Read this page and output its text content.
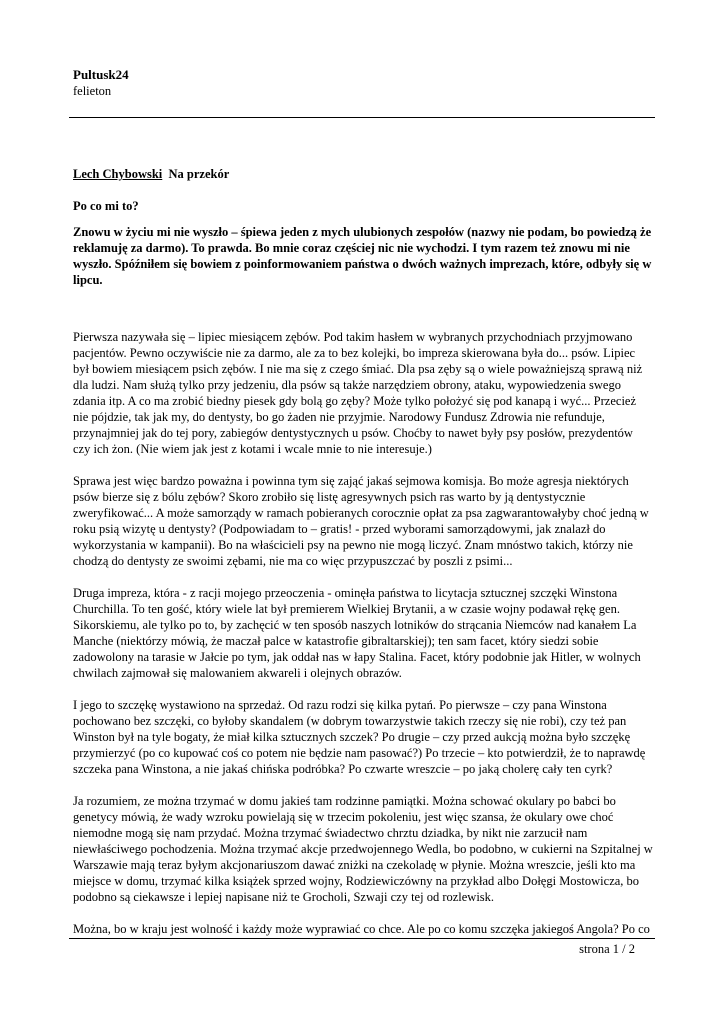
Pultusk24

felieton

Lech Chybowski Na przekór

Po co mi to?

Znowu w życiu mi nie wyszło – śpiewa jeden z mych ulubionych zespołów (nazwy nie podam, bo powiedzą że reklamuję za darmo). To prawda. Bo mnie coraz częściej nic nie wychodzi. I tym razem też znowu mi nie wyszło. Spóźniłem się bowiem z poinformowaniem państwa o dwóch ważnych imprezach, które, odbyły się w lipcu.

Pierwsza nazywała się – lipiec miesiącem zębów. Pod takim hasłem w wybranych przychodniach przyjmowano pacjentów. Pewno oczywiście nie za darmo, ale za to bez kolejki, bo impreza skierowana była do... psów. Lipiec był bowiem miesiącem psich zębów. I nie ma się z czego śmiać. Dla psa zęby są o wiele poważniejszą sprawą niż dla ludzi. Nam służą tylko przy jedzeniu, dla psów są także narzędziem obrony, ataku, wypowiedzenia swego zdania itp. A co ma zrobić biedny piesek gdy bolą go zęby? Może tylko położyć się pod kanapą i wyć... Przecież nie pójdzie, tak jak my, do dentysty, bo go żaden nie przyjmie. Narodowy Fundusz Zdrowia nie refunduje, przynajmniej jak do tej pory, zabiegów dentystycznych u psów. Choćby to nawet były psy posłów, prezydentów czy ich żon. (Nie wiem jak jest z kotami i wcale mnie to nie interesuje.)

Sprawa jest więc bardzo poważna i powinna tym się zająć jakaś sejmowa komisja. Bo może agresja niektórych psów bierze się z bólu zębów? Skoro zrobiło się listę agresywnych psich ras warto by ją dentystycznie zweryfikować... A może samorządy w ramach pobieranych corocznie opłat za psa zagwarantowałyby choć jedną w roku psią wizytę u dentysty? (Podpowiadam to – gratis! - przed wyborami samorządowymi, jak znalazł do wykorzystania w kampanii). Bo na właścicieli psy na pewno nie mogą liczyć. Znam mnóstwo takich, którzy nie chodzą do dentysty ze swoimi zębami, nie ma co więc przypuszczać by poszli z psimi...

Druga impreza, która - z racji mojego przeoczenia - ominęła państwa to licytacja sztucznej szczęki Winstona Churchilla. To ten gość, który wiele lat był premierem Wielkiej Brytanii, a w czasie wojny podawał rękę gen. Sikorskiemu, ale tylko po to, by zachęcić w ten sposób naszych lotników do strącania Niemców nad kanałem La Manche (niektórzy mówią, że maczał palce w katastrofie gibraltarskiej); ten sam facet, który siedzi sobie zadowolony na tarasie w Jałcie po tym, jak oddał nas w łapy Stalina. Facet, który podobnie jak Hitler, w wolnych chwilach zajmował się malowaniem akwareli i olejnych obrazów.

I jego to szczękę wystawiono na sprzedaż. Od razu rodzi się kilka pytań. Po pierwsze – czy pana Winstona pochowano bez szczęki, co byłoby skandalem (w dobrym towarzystwie takich rzeczy się nie robi), czy też pan Winston był na tyle bogaty, że miał kilka sztucznych szczek? Po drugie – czy przed aukcją można było szczękę przymierzyć (po co kupować coś co potem nie będzie nam pasować?) Po trzecie – kto potwierdził, że to naprawdę szczeka pana Winstona, a nie jakaś chińska podróbka? Po czwarte wreszcie – po jaką cholerę cały ten cyrk?

Ja rozumiem, ze można trzymać w domu jakieś tam rodzinne pamiątki. Można schować okulary po babci bo genetycy mówią, że wady wzroku powielają się w trzecim pokoleniu, jest więc szansa, że okulary owe choć niemodne mogą się nam przydać. Można trzymać świadectwo chrztu dziadka, by nikt nie zarzucił nam niewłaściwego pochodzenia. Można trzymać akcje przedwojennego Wedla, bo podobno, w cukierni na Szpitalnej w Warszawie mają teraz byłym akcjonariuszom dawać zniżki na czekoladę w płynie. Można wreszcie, jeśli kto ma miejsce w domu, trzymać kilka książek sprzed wojny, Rodziewiczówny na przykład albo Dołęgi Mostowicza, bo podobno są ciekawsze i lepiej napisane niż te Grocholi, Szwaji czy tej od rozlewisk.

Można, bo w kraju jest wolność i każdy może wyprawiać co chce. Ale po co komu szczęka jakiegoś Angola? Po co

strona 1 / 2
